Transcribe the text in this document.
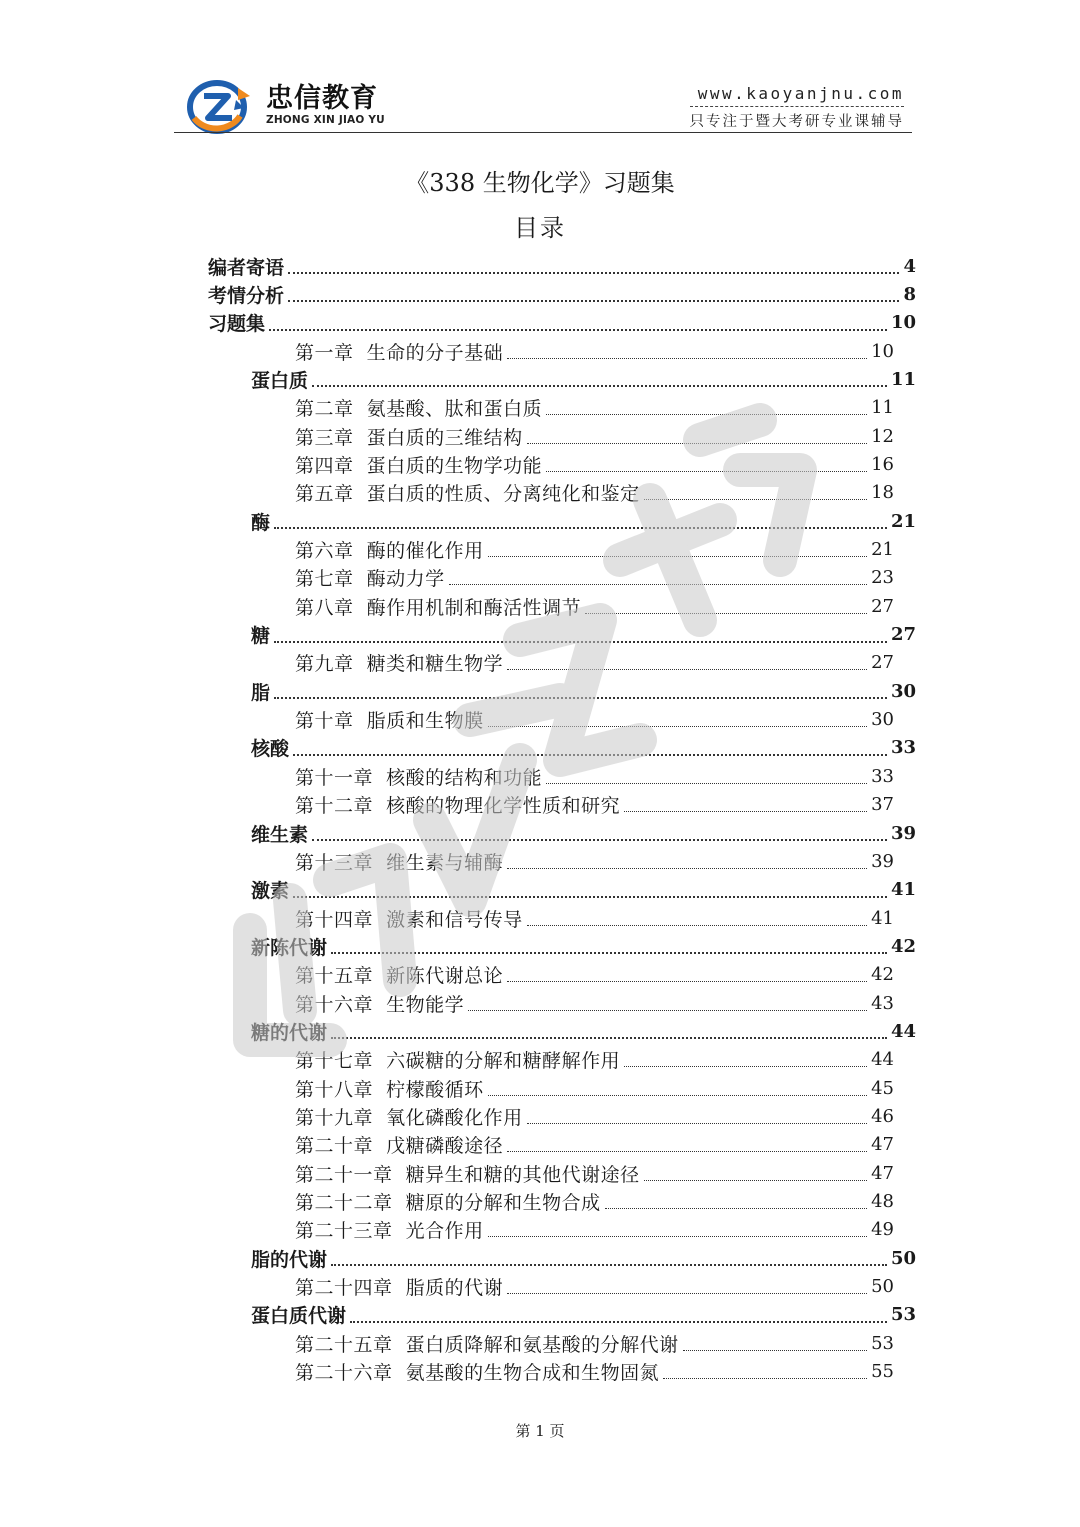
忠信教育
ZHONG XIN JIAO YU
www.kaoyanjnu.com
只专注于暨大考研专业课辅导
《338 生物化学》习题集
目录
编者寄语	4
考情分析	8
习题集	10
第一章  生命的分子基础	10
蛋白质	11
第二章  氨基酸、肽和蛋白质	11
第三章  蛋白质的三维结构	12
第四章  蛋白质的生物学功能	16
第五章  蛋白质的性质、分离纯化和鉴定	18
酶	21
第六章  酶的催化作用	21
第七章  酶动力学	23
第八章  酶作用机制和酶活性调节	27
糖	27
第九章  糖类和糖生物学	27
脂	30
第十章  脂质和生物膜	30
核酸	33
第十一章  核酸的结构和功能	33
第十二章  核酸的物理化学性质和研究	37
维生素	39
第十三章  维生素与辅酶	39
激素	41
第十四章  激素和信号传导	41
新陈代谢	42
第十五章  新陈代谢总论	42
第十六章  生物能学	43
糖的代谢	44
第十七章  六碳糖的分解和糖酵解作用	44
第十八章  柠檬酸循环	45
第十九章  氧化磷酸化作用	46
第二十章  戊糖磷酸途径	47
第二十一章  糖异生和糖的其他代谢途径	47
第二十二章  糖原的分解和生物合成	48
第二十三章  光合作用	49
脂的代谢	50
第二十四章  脂质的代谢	50
蛋白质代谢	53
第二十五章  蛋白质降解和氨基酸的分解代谢	53
第二十六章  氨基酸的生物合成和生物固氮	55
第 1 页
